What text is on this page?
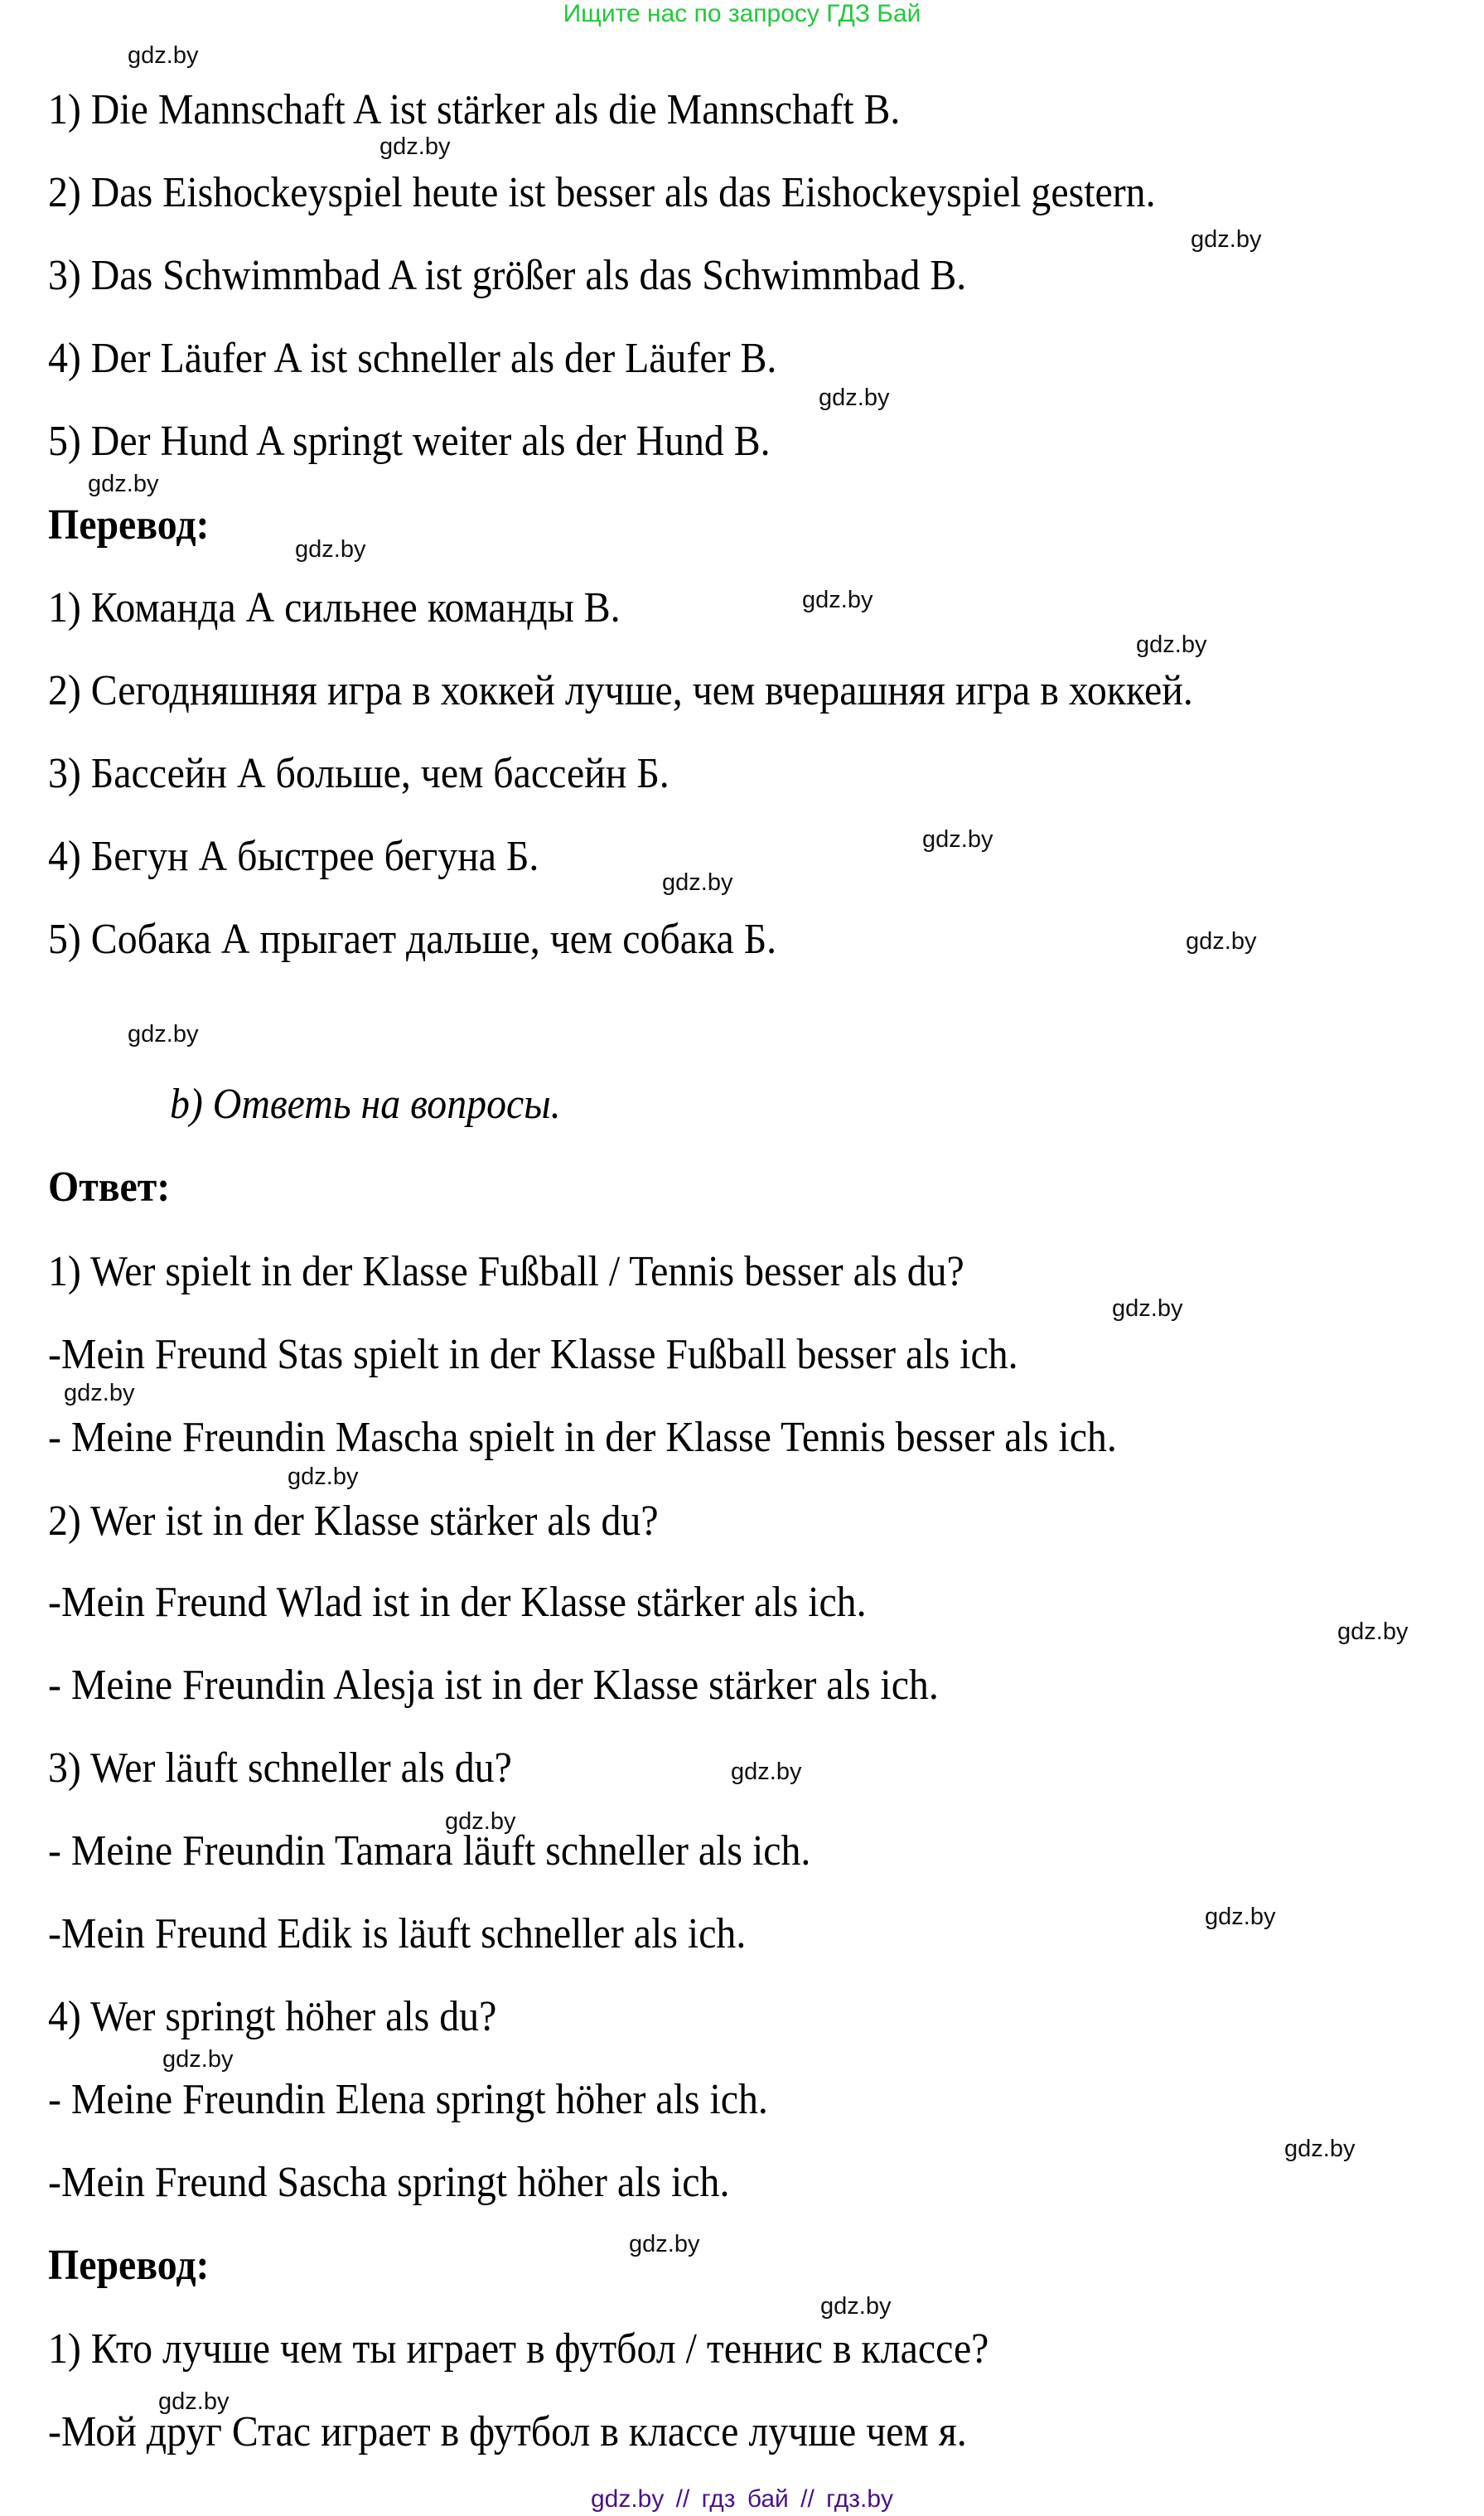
Ищите нас по запросу ГДЗ Бай
1) Die Mannschaft A ist stärker als die Mannschaft B.
2) Das Eishockeyspiel heute ist besser als das Eishockeyspiel gestern.
3) Das Schwimmbad A ist größer als das Schwimmbad B.
4) Der Läufer A ist schneller als der Läufer B.
5) Der Hund A springt weiter als der Hund B.
Перевод:
1) Команда А сильнее команды В.
2) Сегодняшняя игра в хоккей лучше, чем вчерашняя игра в хоккей.
3) Бассейн А больше, чем бассейн Б.
4) Бегун А быстрее бегуна Б.
5) Собака А прыгает дальше, чем собака Б.
b) Ответь на вопросы.
Ответ:
1) Wer spielt in der Klasse Fußball / Tennis besser als du?
-Mein Freund Stas spielt in der Klasse Fußball besser als ich.
- Meine Freundin Mascha spielt in der Klasse Tennis besser als ich.
2) Wer ist in der Klasse stärker als du?
-Mein Freund Wlad ist in der Klasse stärker als ich.
- Meine Freundin Alesja ist in der Klasse stärker als ich.
3) Wer läuft schneller als du?
- Meine Freundin Tamara läuft schneller als ich.
-Mein Freund Edik is läuft schneller als ich.
4) Wer springt höher als du?
- Meine Freundin Elena springt höher als ich.
-Mein Freund Sascha springt höher als ich.
Перевод:
1) Кто лучше чем ты играет в футбол / теннис в классе?
-Мой друг Стас играет в футбол в классе лучше чем я.
gdz.by
gdz.by
gdz.by
gdz.by
gdz.by
gdz.by
gdz.by
gdz.by
gdz.by
gdz.by
gdz.by
gdz.by
gdz.by
gdz.by
gdz.by
gdz.by
gdz.by
gdz.by
gdz.by
gdz.by
gdz.by
gdz.by
gdz.by
gdz.by
gdz.by // гдз бай // гдз.by
